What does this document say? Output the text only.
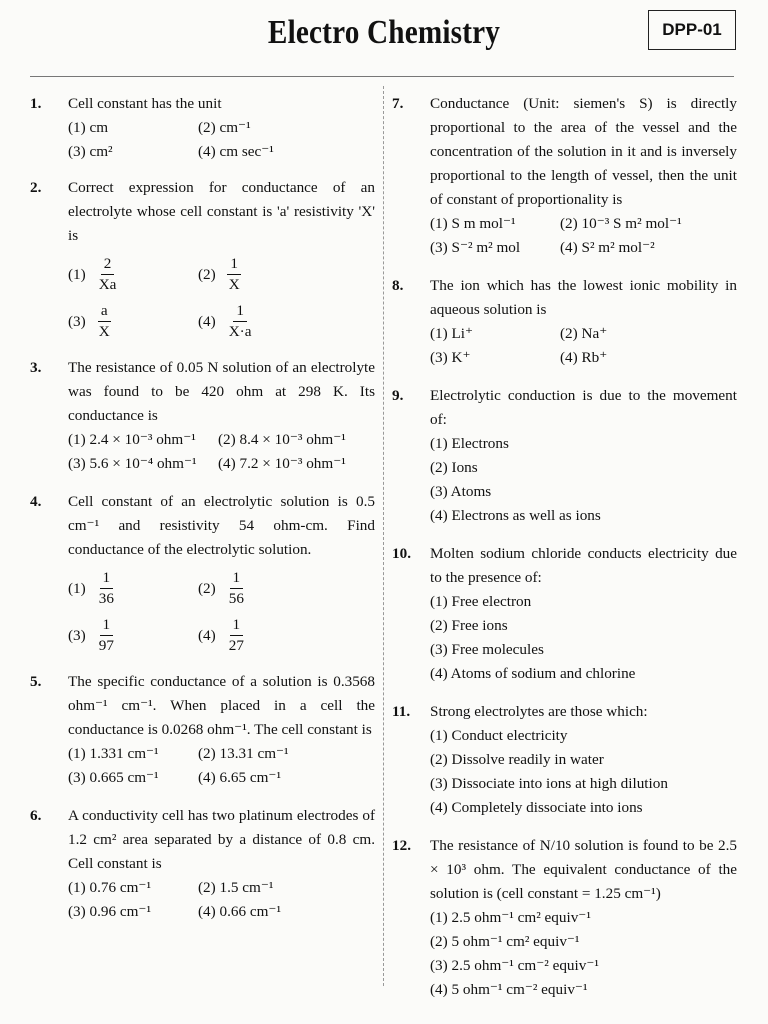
Electro Chemistry	DPP-01
1. Cell constant has the unit
(1) cm	(2) cm⁻¹
(3) cm²	(4) cm sec⁻¹
2. Correct expression for conductance of an electrolyte whose cell constant is 'a' resistivity 'X' is
$(1) \frac{2}{Xa}$	$(2) \frac{1}{X}$
$(3) \frac{a}{X}$	$(4) \frac{1}{X\cdot a}$
3. The resistance of 0.05 N solution of an electrolyte was found to be 420 ohm at 298 K. Its conductance is
(1) 2.4 × 10⁻³ ohm⁻¹	(2) 8.4 × 10⁻³ ohm⁻¹
(3) 5.6 × 10⁻⁴ ohm⁻¹	(4) 7.2 × 10⁻³ ohm⁻¹
4. Cell constant of an electrolytic solution is 0.5 cm⁻¹ and resistivity 54 ohm-cm. Find conductance of the electrolytic solution.
$(1) \frac{1}{36}$	$(2) \frac{1}{56}$
$(3) \frac{1}{97}$	$(4) \frac{1}{27}$
5. The specific conductance of a solution is 0.3568 ohm⁻¹ cm⁻¹. When placed in a cell the conductance is 0.0268 ohm⁻¹. The cell constant is
(1) 1.331 cm⁻¹	(2) 13.31 cm⁻¹
(3) 0.665 cm⁻¹	(4) 6.65 cm⁻¹
6. A conductivity cell has two platinum electrodes of 1.2 cm² area separated by a distance of 0.8 cm. Cell constant is
(1) 0.76 cm⁻¹	(2) 1.5 cm⁻¹
(3) 0.96 cm⁻¹	(4) 0.66 cm⁻¹
7. Conductance (Unit: siemen's S) is directly proportional to the area of the vessel and the concentration of the solution in it and is inversely proportional to the length of vessel, then the unit of constant of proportionality is
(1) S m mol⁻¹	(2) 10⁻³ S m² mol⁻¹
(3) S⁻² m² mol	(4) S² m² mol⁻²
8. The ion which has the lowest ionic mobility in aqueous solution is
(1) Li⁺	(2) Na⁺
(3) K⁺	(4) Rb⁺
9. Electrolytic conduction is due to the movement of:
(1) Electrons
(2) Ions
(3) Atoms
(4) Electrons as well as ions
10. Molten sodium chloride conducts electricity due to the presence of:
(1) Free electron
(2) Free ions
(3) Free molecules
(4) Atoms of sodium and chlorine
11. Strong electrolytes are those which:
(1) Conduct electricity
(2) Dissolve readily in water
(3) Dissociate into ions at high dilution
(4) Completely dissociate into ions
12. The resistance of N/10 solution is found to be 2.5 × 10³ ohm. The equivalent conductance of the solution is (cell constant = 1.25 cm⁻¹)
(1) 2.5 ohm⁻¹ cm² equiv⁻¹
(2) 5 ohm⁻¹ cm² equiv⁻¹
(3) 2.5 ohm⁻¹ cm⁻² equiv⁻¹
(4) 5 ohm⁻¹ cm⁻² equiv⁻¹
